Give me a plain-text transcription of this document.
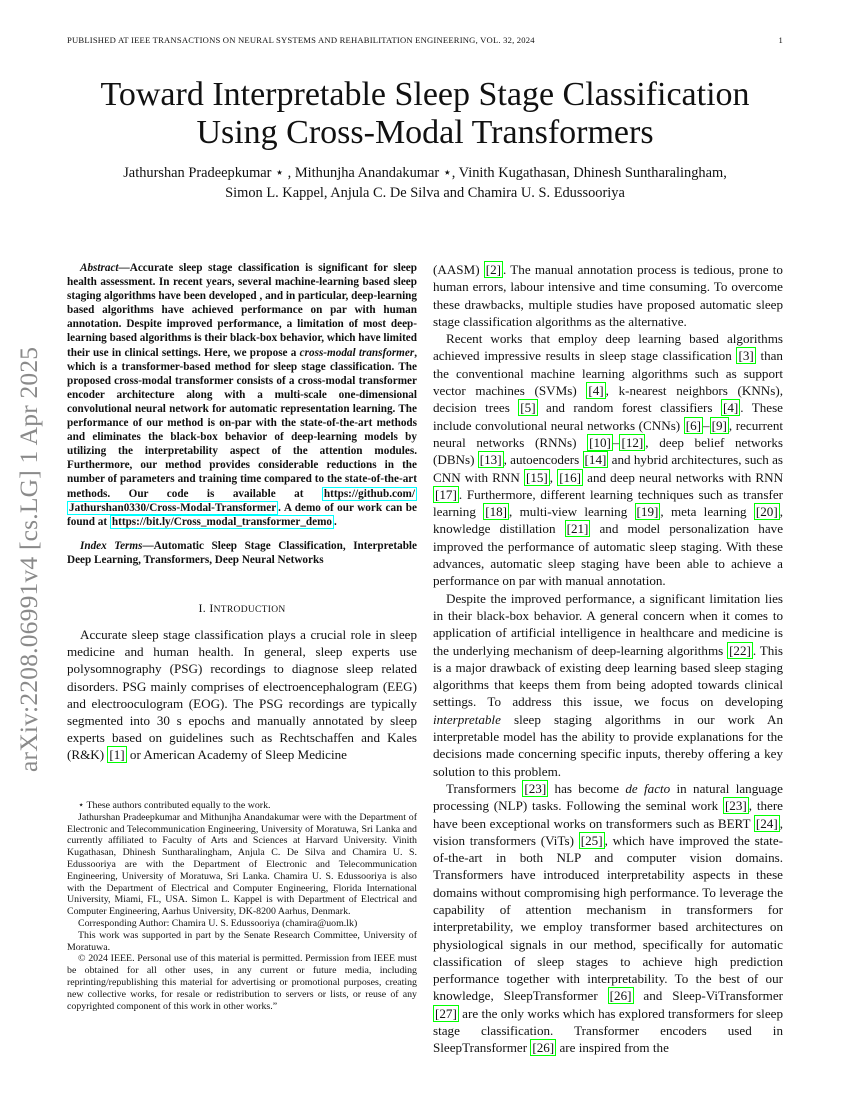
PUBLISHED AT IEEE TRANSACTIONS ON NEURAL SYSTEMS AND REHABILITATION ENGINEERING, VOL. 32, 2024	1
arXiv:2208.06991v4 [cs.LG] 1 Apr 2025
Toward Interpretable Sleep Stage Classification
Using Cross-Modal Transformers
Jathurshan Pradeepkumar ⋆ , Mithunjha Anandakumar ⋆, Vinith Kugathasan, Dhinesh Suntharalingham,
Simon L. Kappel, Anjula C. De Silva and Chamira U. S. Edussooriya

Abstract—Accurate sleep stage classification is significant for sleep health assessment. In recent years, several machine-learning based sleep staging algorithms have been developed , and in particular, deep-learning based algorithms have achieved performance on par with human annotation. Despite improved performance, a limitation of most deep-learning based algorithms is their black-box behavior, which have limited their use in clinical settings. Here, we propose a cross-modal transformer, which is a transformer-based method for sleep stage classification. The proposed cross-modal transformer consists of a cross-modal transformer encoder architecture along with a multi-scale one-dimensional convolutional neural network for automatic representation learning. The performance of our method is on-par with the state-of-the-art methods and eliminates the black-box behavior of deep-learning models by utilizing the interpretability aspect of the attention modules. Furthermore, our method provides considerable reductions in the number of parameters and training time compared to the state-of-the-art methods. Our code is available at https://github.com/ Jathurshan0330/Cross-Modal-Transformer . A demo of our work can be found at https://bit.ly/Cross_modal_transformer_demo .

Index Terms—Automatic Sleep Stage Classification, Interpretable Deep Learning, Transformers, Deep Neural Networks

I. INTRODUCTION

Accurate sleep stage classification plays a crucial role in sleep medicine and human health. In general, sleep experts use polysomnography (PSG) recordings to diagnose sleep related disorders. PSG mainly comprises of electroencephalogram (EEG) and electrooculogram (EOG). The PSG recordings are typically segmented into 30 s epochs and manually annotated by sleep experts based on guidelines such as Rechtschaffen and Kales (R&K) [1] or American Academy of Sleep Medicine

⋆ These authors contributed equally to the work.

Jathurshan Pradeepkumar and Mithunjha Anandakumar were with the Department of Electronic and Telecommunication Engineering, University of Moratuwa, Sri Lanka and currently affiliated to Faculty of Arts and Sciences at Harvard University. Vinith Kugathasan, Dhinesh Suntharalingham, Anjula C. De Silva and Chamira U. S. Edussooriya are with the Department of Electronic and Telecommunication Engineering, University of Moratuwa, Sri Lanka. Chamira U. S. Edussooriya is also with the Department of Electrical and Computer Engineering, Florida International University, Miami, FL, USA. Simon L. Kappel is with Department of Electrical and Computer Engineering, Aarhus University, DK-8200 Aarhus, Denmark.

Corresponding Author: Chamira U. S. Edussooriya (chamira@uom.lk)

This work was supported in part by the Senate Research Committee, University of Moratuwa.

© 2024 IEEE. Personal use of this material is permitted. Permission from IEEE must be obtained for all other uses, in any current or future media, including reprinting/republishing this material for advertising or promotional purposes, creating new collective works, for resale or redistribution to servers or lists, or reuse of any copyrighted component of this work in other works.”

(AASM) [2] . The manual annotation process is tedious, prone to human errors, labour intensive and time consuming. To overcome these drawbacks, multiple studies have proposed automatic sleep stage classification algorithms as the alternative.

Recent works that employ deep learning based algorithms achieved impressive results in sleep stage classification [3] than the conventional machine learning algorithms such as support vector machines (SVMs) [4] , k-nearest neighbors (KNNs), decision trees [5] and random forest classifiers [4] . These include convolutional neural networks (CNNs) [6] – [9] , recurrent neural networks (RNNs) [10] – [12] , deep belief networks (DBNs) [13] , autoencoders [14] and hybrid architectures, such as CNN with RNN [15] , [16] and deep neural networks with RNN [17] . Furthermore, different learning techniques such as transfer learning [18] , multi-view learning [19] , meta learning [20] , knowledge distillation [21] and model personalization have improved the performance of automatic sleep staging. With these advances, automatic sleep staging have been able to achieve a performance on par with manual annotation.

Despite the improved performance, a significant limitation lies in their black-box behavior. A general concern when it comes to application of artificial intelligence in healthcare and medicine is the underlying mechanism of deep-learning algorithms [22] . This is a major drawback of existing deep learning based sleep staging algorithms that keeps them from being adopted towards clinical settings. To address this issue, we focus on developing interpretable sleep staging algorithms in our work An interpretable model has the ability to provide explanations for the decisions made concerning specific inputs, thereby offering a key solution to this problem.

Transformers [23] has become de facto in natural language processing (NLP) tasks. Following the seminal work [23] , there have been exceptional works on transformers such as BERT [24] , vision transformers (ViTs) [25] , which have improved the state-of-the-art in both NLP and computer vision domains. Transformers have introduced interpretability aspects in these domains without compromising high performance. To leverage the capability of attention mechanism in transformers for interpretability, we employ transformer based architectures on physiological signals in our method, specifically for automatic classification of sleep stages to achieve high prediction performance together with interpretability. To the best of our knowledge, SleepTransformer [26] and Sleep-ViTransformer [27] are the only works which has explored transformers for sleep stage classification. Transformer encoders used in SleepTransformer [26] are inspired from the
